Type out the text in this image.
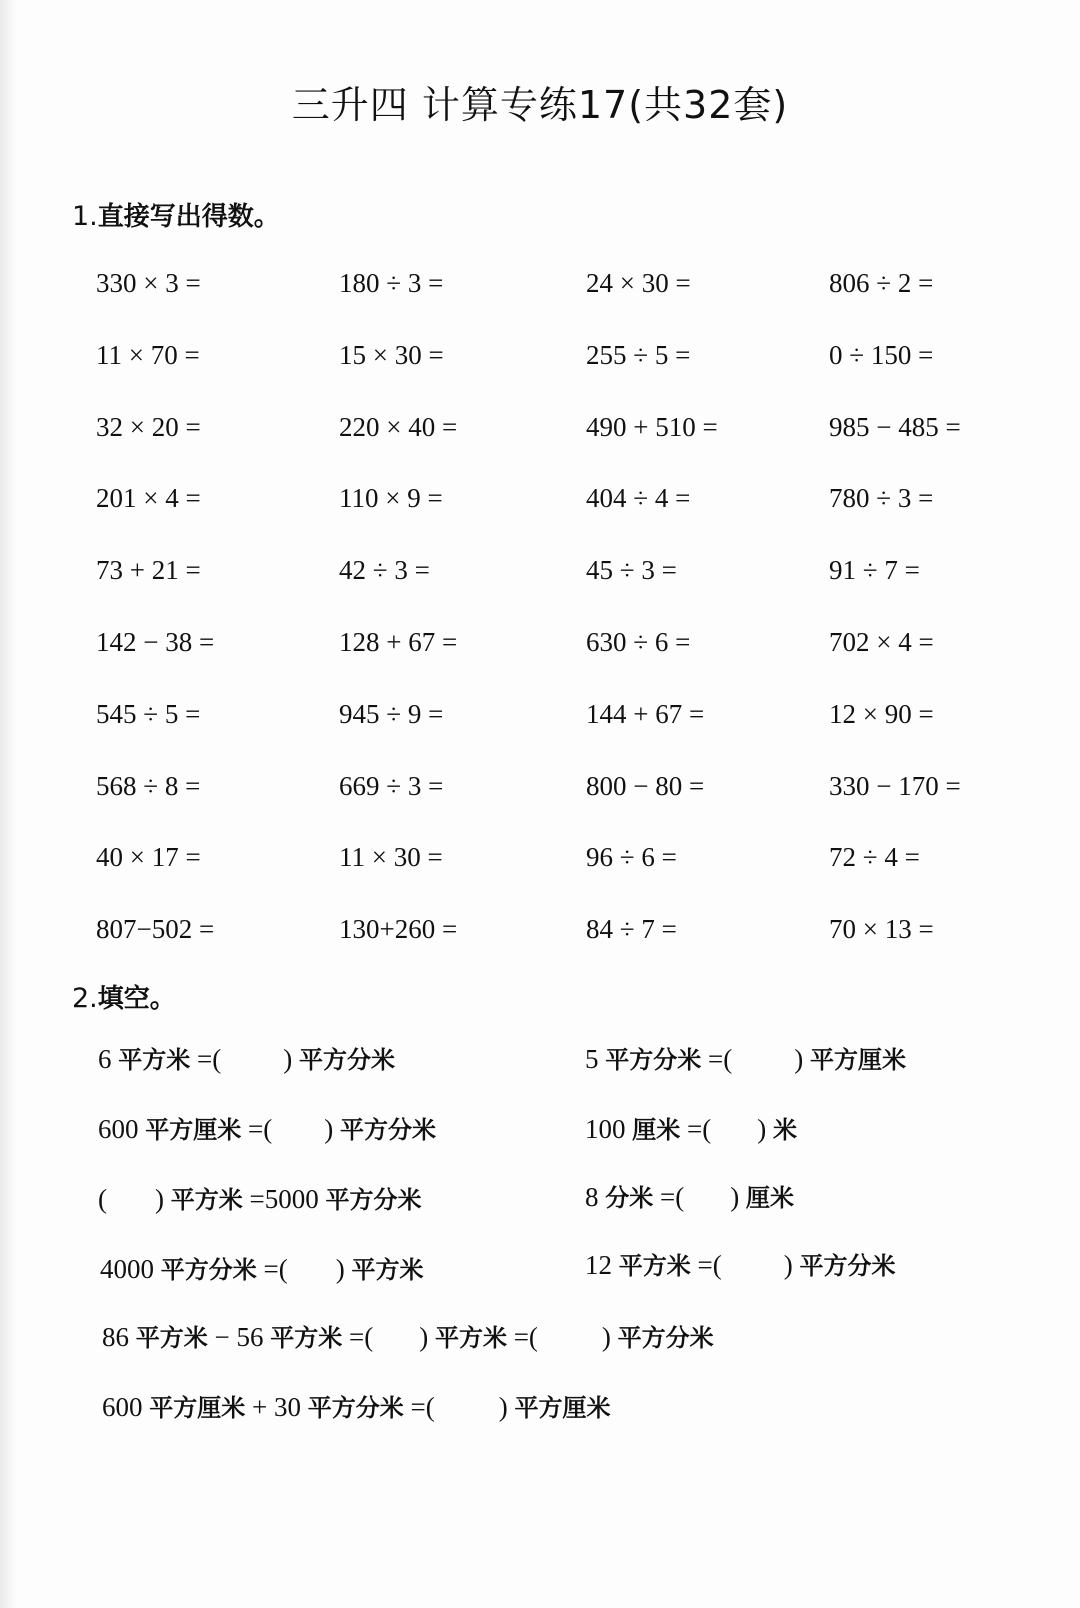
三升四 计算专练17(共32套)
1.直接写出得数。
330 × 3 =	180 ÷ 3 =	24 × 30 =	806 ÷ 2 =
11 × 70 =	15 × 30 =	255 ÷ 5 =	0 ÷ 150 =
32 × 20 =	220 × 40 =	490 + 510 =	985 − 485 =
201 × 4 =	110 × 9 =	404 ÷ 4 =	780 ÷ 3 =
73 + 21 =	42 ÷ 3 =	45 ÷ 3 =	91 ÷ 7 =
142 − 38 =	128 + 67 =	630 ÷ 6 =	702 × 4 =
545 ÷ 5 =	945 ÷ 9 =	144 + 67 =	12 × 90 =
568 ÷ 8 =	669 ÷ 3 =	800 − 80 =	330 − 170 =
40 × 17 =	11 × 30 =	96 ÷ 6 =	72 ÷ 4 =
807−502 =	130+260 =	84 ÷ 7 =	70 × 13 =
2.填空。
6 平方米 =( ) 平方分米	5 平方分米 =( ) 平方厘米
600 平方厘米 =( ) 平方分米	100 厘米 =( ) 米
( ) 平方米 =5000 平方分米	8 分米 =( ) 厘米
4000 平方分米 =( ) 平方米	12 平方米 =( ) 平方分米
86 平方米 − 56 平方米 =( ) 平方米 =( ) 平方分米
600 平方厘米 + 30 平方分米 =( ) 平方厘米
